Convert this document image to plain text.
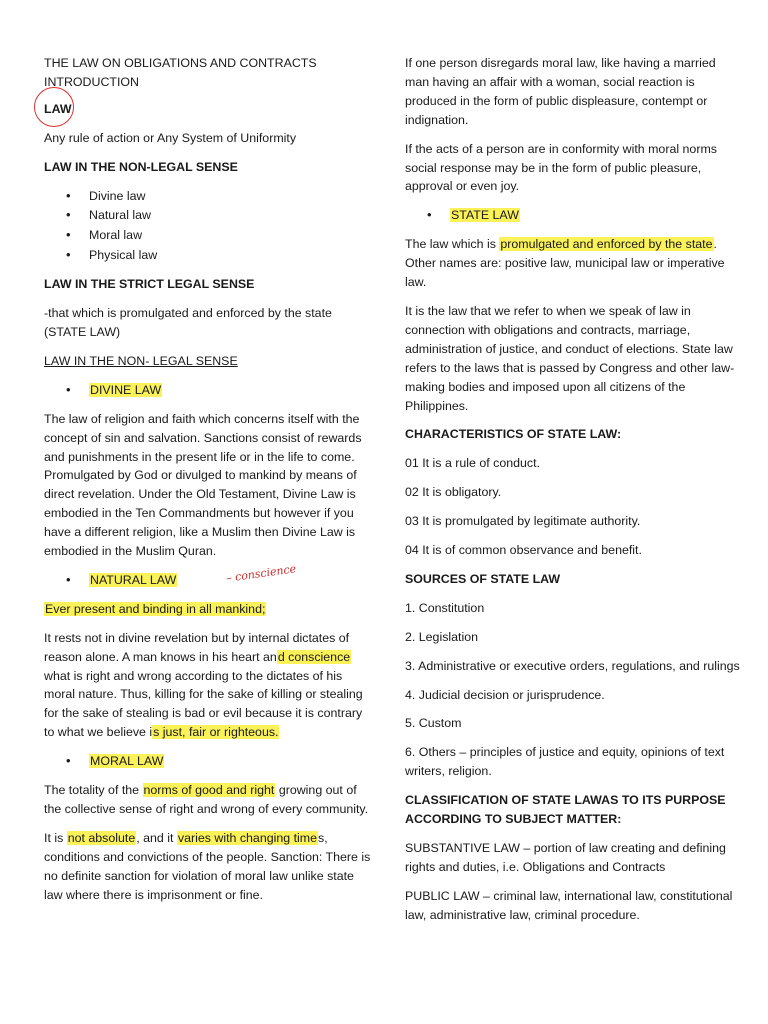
THE LAW ON OBLIGATIONS AND CONTRACTS
INTRODUCTION

LAW

Any rule of action or Any System of Uniformity

LAW IN THE NON-LEGAL SENSE

• Divine law
• Natural law
• Moral law
• Physical law

LAW IN THE STRICT LEGAL SENSE

-that which is promulgated and enforced by the state (STATE LAW)

LAW IN THE NON- LEGAL SENSE

• DIVINE LAW

The law of religion and faith which concerns itself with the concept of sin and salvation. Sanctions consist of rewards and punishments in the present life or in the life to come. Promulgated by God or divulged to mankind by means of direct revelation. Under the Old Testament, Divine Law is embodied in the Ten Commandments but however if you have a different religion, like a Muslim then Divine Law is embodied in the Muslim Quran.

• NATURAL LAW	– conscience

Ever present and binding in all mankind;

It rests not in divine revelation but by internal dictates of reason alone. A man knows in his heart and conscience what is right and wrong according to the dictates of his moral nature. Thus, killing for the sake of killing or stealing for the sake of stealing is bad or evil because it is contrary to what we believe is just, fair or righteous.

• MORAL LAW

The totality of the norms of good and right growing out of the collective sense of right and wrong of every community.

It is not absolute, and it varies with changing times, conditions and convictions of the people. Sanction: There is no definite sanction for violation of moral law unlike state law where there is imprisonment or fine.

If one person disregards moral law, like having a married man having an affair with a woman, social reaction is produced in the form of public displeasure, contempt or indignation.

If the acts of a person are in conformity with moral norms social response may be in the form of public pleasure, approval or even joy.

• STATE LAW

The law which is promulgated and enforced by the state. Other names are: positive law, municipal law or imperative law.

It is the law that we refer to when we speak of law in connection with obligations and contracts, marriage, administration of justice, and conduct of elections. State law refers to the laws that is passed by Congress and other law-making bodies and imposed upon all citizens of the Philippines.

CHARACTERISTICS OF STATE LAW:

01 It is a rule of conduct.

02 It is obligatory.

03 It is promulgated by legitimate authority.

04 It is of common observance and benefit.

SOURCES OF STATE LAW

1. Constitution

2. Legislation

3. Administrative or executive orders, regulations, and rulings

4. Judicial decision or jurisprudence.

5. Custom

6. Others – principles of justice and equity, opinions of text writers, religion.

CLASSIFICATION OF STATE LAWAS TO ITS PURPOSE ACCORDING TO SUBJECT MATTER:

SUBSTANTIVE LAW – portion of law creating and defining rights and duties, i.e. Obligations and Contracts

PUBLIC LAW – criminal law, international law, constitutional law, administrative law, criminal procedure.
